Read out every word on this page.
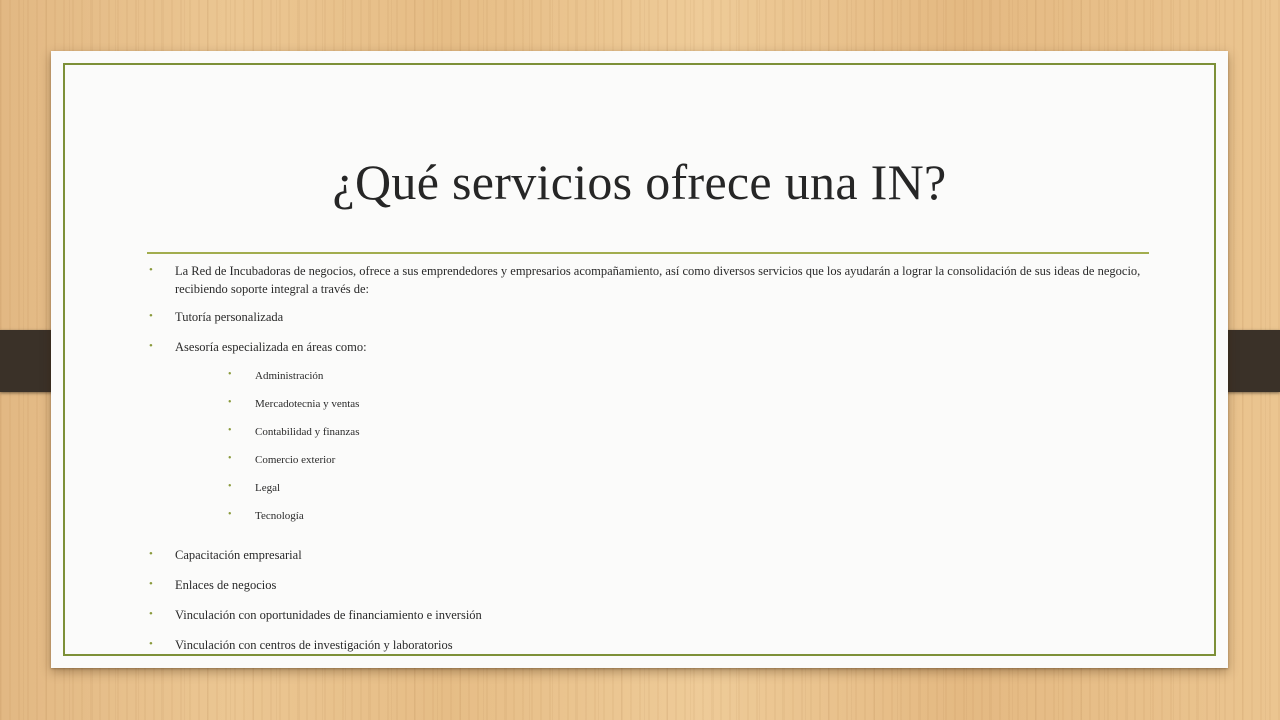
¿Qué servicios ofrece una IN?
• La Red de Incubadoras de negocios, ofrece a sus emprendedores y empresarios acompañamiento, así como diversos servicios que los ayudarán a lograr la consolidación de sus ideas de negocio, recibiendo soporte integral a través de:
• Tutoría personalizada
• Asesoría especializada en áreas como:
• Administración
• Mercadotecnia y ventas
• Contabilidad y finanzas
• Comercio exterior
• Legal
• Tecnología
• Capacitación empresarial
• Enlaces de negocios
• Vinculación con oportunidades de financiamiento e inversión
• Vinculación con centros de investigación y laboratorios
